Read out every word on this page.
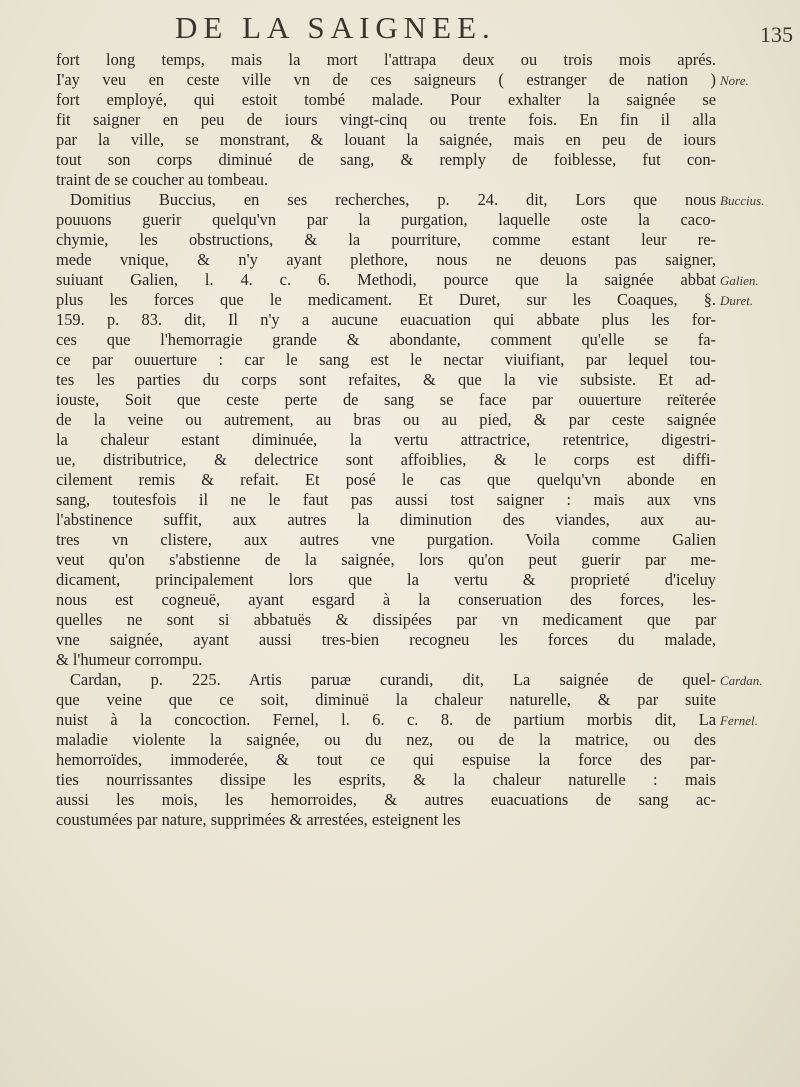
DE LA SAIGNEE.	135
fort long temps, mais la mort l'attrapa deux ou trois mois aprés.
I'ay veu en ceste ville vn de ces saigneurs ( estranger de nation )
fort employé, qui estoit tombé malade. Pour exhalter la saignée se
fit saigner en peu de iours vingt-cinq ou trente fois. En fin il alla
par la ville, se monstrant, & louant la saignée, mais en peu de iours
tout son corps diminué de sang, & remply de foiblesse, fut con-
traint de se coucher au tombeau.
Domitius Buccius, en ses recherches, p. 24. dit, Lors que nous
pouuons guerir quelqu'vn par la purgation, laquelle oste la caco-
chymie, les obstructions, & la pourriture, comme estant leur re-
mede vnique, & n'y ayant plethore, nous ne deuons pas saigner,
suiuant Galien, l. 4. c. 6. Methodi, pource que la saignée abbat
plus les forces que le medicament. Et Duret, sur les Coaques, §.
159. p. 83. dit, Il n'y a aucune euacuation qui abbate plus les for-
ces que l'hemorragie grande & abondante, comment qu'elle se fa-
ce par ouuerture : car le sang est le nectar viuifiant, par lequel tou-
tes les parties du corps sont refaites, & que la vie subsiste. Et ad-
iouste, Soit que ceste perte de sang se face par ouuerture reïterée
de la veine ou autrement, au bras ou au pied, & par ceste saignée
la chaleur estant diminuée, la vertu attractrice, retentrice, digestri-
ue, distributrice, & delectrice sont affoiblies, & le corps est diffi-
cilement remis & refait. Et posé le cas que quelqu'vn abonde en
sang, toutesfois il ne le faut pas aussi tost saigner : mais aux vns
l'abstinence suffit, aux autres la diminution des viandes, aux au-
tres vn clistere, aux autres vne purgation. Voila comme Galien
veut qu'on s'abstienne de la saignée, lors qu'on peut guerir par me-
dicament, principalement lors que la vertu & proprieté d'iceluy
nous est cogneuë, ayant esgard à la conseruation des forces, les-
quelles ne sont si abbatuës & dissipées par vn medicament que par
vne saignée, ayant aussi tres-bien recogneu les forces du malade,
& l'humeur corrompu.
Cardan, p. 225. Artis paruæ curandi, dit, La saignée de quel-
que veine que ce soit, diminuë la chaleur naturelle, & par suite
nuist à la concoction. Fernel, l. 6. c. 8. de partium morbis dit, La
maladie violente la saignée, ou du nez, ou de la matrice, ou des
hemorroïdes, immoderée, & tout ce qui espuise la force des par-
ties nourrissantes dissipe les esprits, & la chaleur naturelle : mais
aussi les mois, les hemorroides, & autres euacuations de sang ac-
coustumées par nature, supprimées & arrestées, esteignent les
Nore.
Buccius.
Galien.
Duret.
Cardan.
Fernel.
